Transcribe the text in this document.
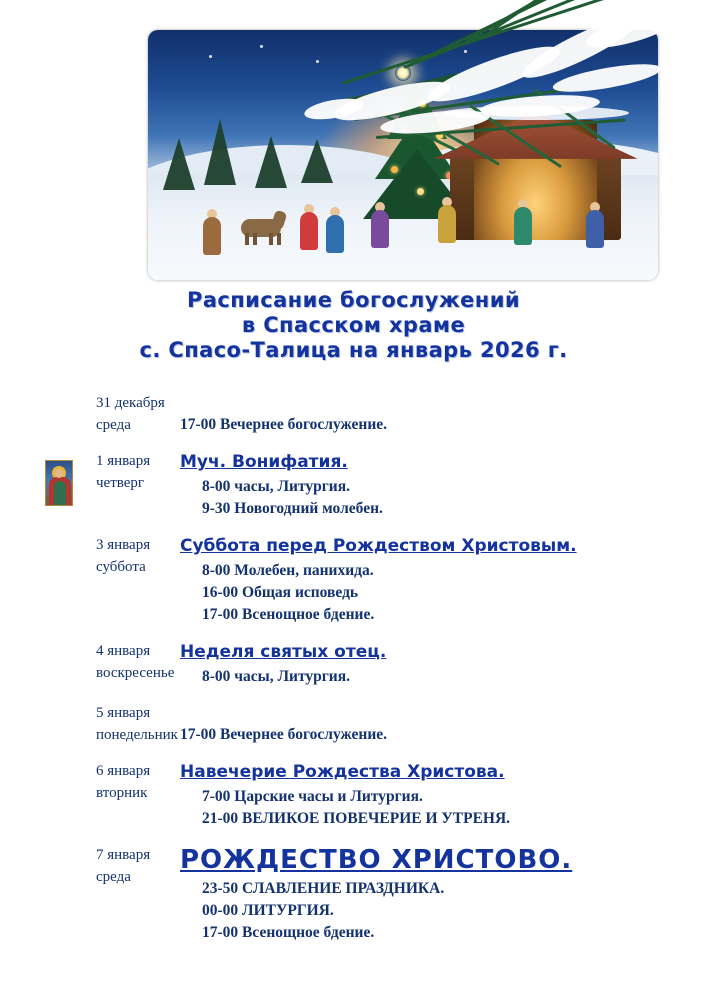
Расписание богослужений
в Спасском храме
с. Спасо-Талица на январь 2026 г.
31 декабря
среда	17-00 Вечернее богослужение.
1 января
четверг
Муч. Вонифатия.
8-00 часы, Литургия.
9-30 Новогодний молебен.
3 января
суббота
Суббота перед Рождеством Христовым.
8-00 Молебен, панихида.
16-00 Общая исповедь
17-00 Всенощное бдение.
4 января
воскресенье
Неделя святых отец.
8-00 часы, Литургия.
5 января
понедельник 17-00 Вечернее богослужение.
6 января
вторник
Навечерие Рождества Христова.
7-00 Царские часы и Литургия.
21-00 ВЕЛИКОЕ ПОВЕЧЕРИЕ И УТРЕНЯ.
7 января
среда
РОЖДЕСТВО ХРИСТОВО.
23-50 СЛАВЛЕНИЕ ПРАЗДНИКА.
00-00 ЛИТУРГИЯ.
17-00 Всенощное бдение.
